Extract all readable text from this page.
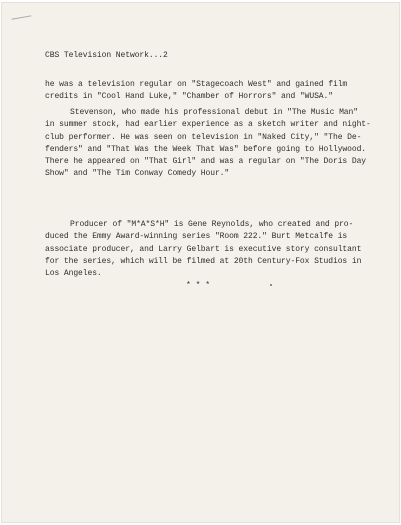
CBS Television Network...2
he was a television regular on "Stagecoach West" and gained film
credits in "Cool Hand Luke," "Chamber of Horrors" and "WUSA."
Stevenson, who made his professional debut in "The Music Man"
in summer stock, had earlier experience as a sketch writer and night-
club performer. He was seen on television in "Naked City," "The De-
fenders" and "That Was the Week That Was" before going to Hollywood.
There he appeared on "That Girl" and was a regular on "The Doris Day
Show" and "The Tim Conway Comedy Hour."
Producer of "M*A*S*H" is Gene Reynolds, who created and pro-
duced the Emmy Award-winning series "Room 222." Burt Metcalfe is
associate producer, and Larry Gelbart is executive story consultant
for the series, which will be filmed at 20th Century-Fox Studios in
Los Angeles.
* * *
